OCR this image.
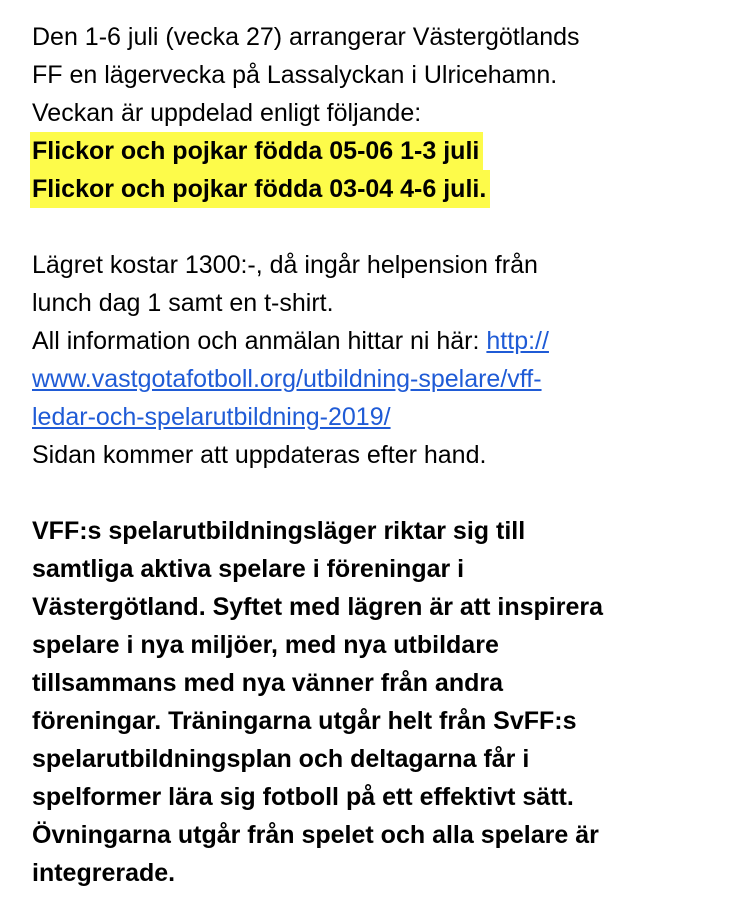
Den 1-6 juli (vecka 27) arrangerar Västergötlands
FF en lägervecka på Lassalyckan i Ulricehamn.
Veckan är uppdelad enligt följande:
Flickor och pojkar födda 05-06 1-3 juli
Flickor och pojkar födda 03-04 4-6 juli.
Lägret kostar 1300:-, då ingår helpension från
lunch dag 1 samt en t-shirt.
All information och anmälan hittar ni här: http://
www.vastgotafotboll.org/utbildning-spelare/vff-
ledar-och-spelarutbildning-2019/
Sidan kommer att uppdateras efter hand.
VFF:s spelarutbildningsläger riktar sig till
samtliga aktiva spelare i föreningar i
Västergötland. Syftet med lägren är att inspirera
spelare i nya miljöer, med nya utbildare
tillsammans med nya vänner från andra
föreningar. Träningarna utgår helt från SvFF:s
spelarutbildningsplan och deltagarna får i
spelformer lära sig fotboll på ett effektivt sätt.
Övningarna utgår från spelet och alla spelare är
integrerade.
